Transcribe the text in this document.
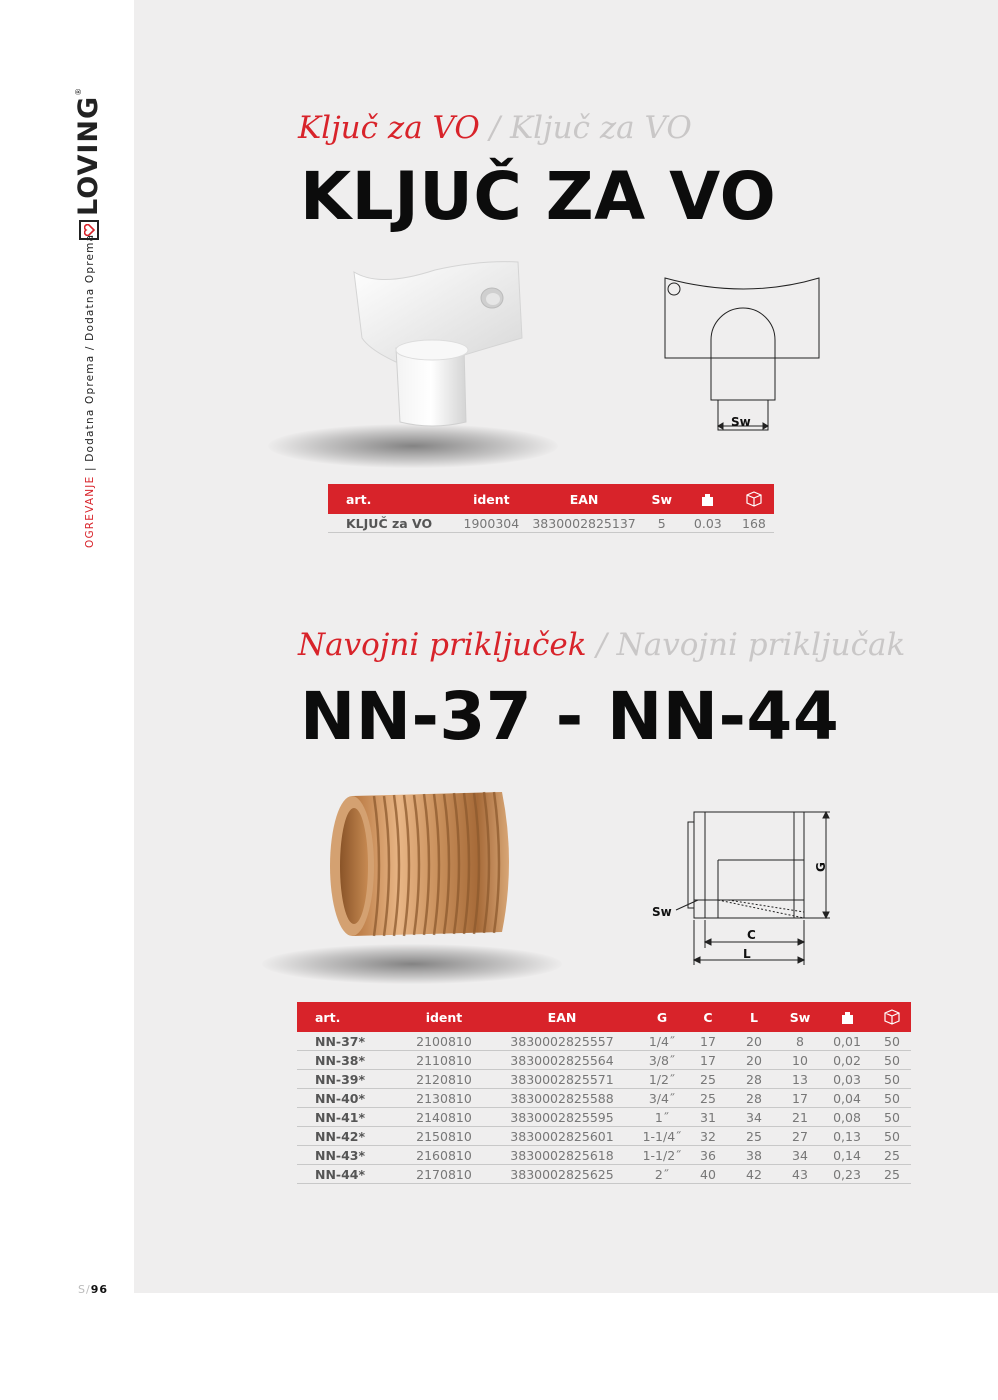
LOVING
®
OGREVANJE | Dodatna Oprema / Dodatna Oprema
S/96
Ključ za VO / Ključ za VO
KLJUČ ZA VO
Sw
art.	ident	EAN	Sw		
KLJUČ za VO	1900304	3830002825137	5	0.03	168
Navojni priključek / Navojni priključak
NN-37 - NN-44
Sw
G
C
L
art.	ident	EAN	G	C	L	Sw		
NN-37*	2100810	3830002825557	1/4˝	17	20	8	0,01	50
NN-38*	2110810	3830002825564	3/8˝	17	20	10	0,02	50
NN-39*	2120810	3830002825571	1/2˝	25	28	13	0,03	50
NN-40*	2130810	3830002825588	3/4˝	25	28	17	0,04	50
NN-41*	2140810	3830002825595	1˝	31	34	21	0,08	50
NN-42*	2150810	3830002825601	1-1/4˝	32	25	27	0,13	50
NN-43*	2160810	3830002825618	1-1/2˝	36	38	34	0,14	25
NN-44*	2170810	3830002825625	2˝	40	42	43	0,23	25
